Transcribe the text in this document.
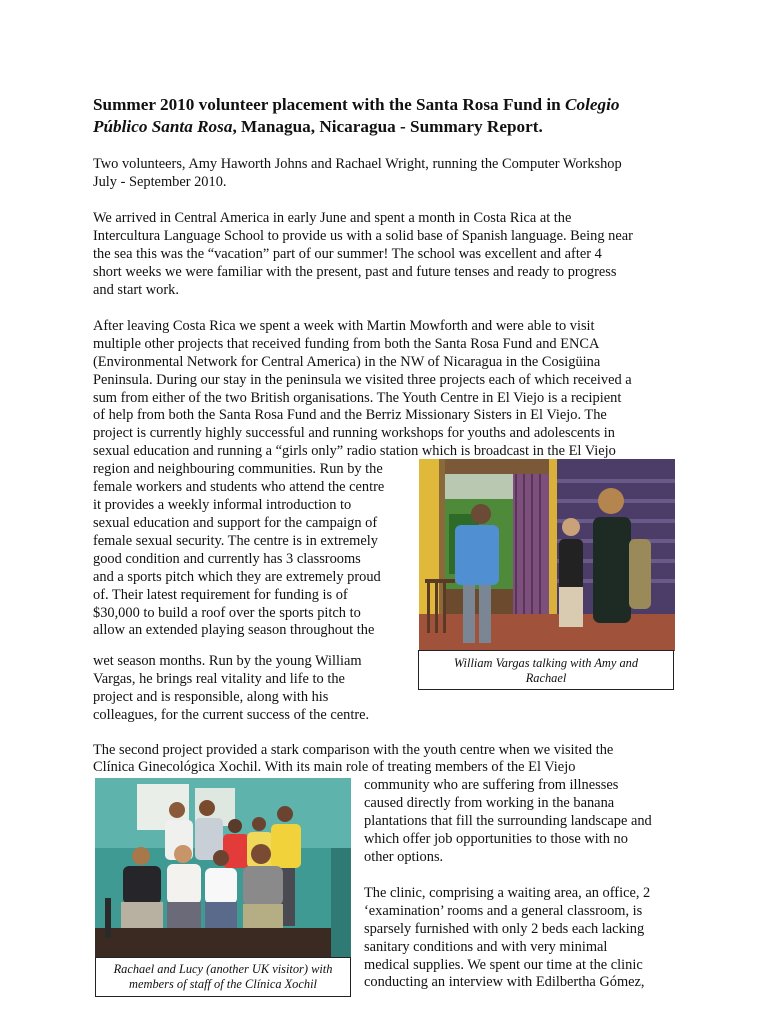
Summer 2010 volunteer placement with the Santa Rosa Fund in Colegio
Público Santa Rosa, Managua, Nicaragua - Summary Report.
Two volunteers, Amy Haworth Johns and Rachael Wright, running the Computer Workshop
July - September 2010.
We arrived in Central America in early June and spent a month in Costa Rica at the
Intercultura Language School to provide us with a solid base of Spanish language. Being near
the sea this was the “vacation” part of our summer! The school was excellent and after 4
short weeks we were familiar with the present, past and future tenses and ready to progress
and start work.
After leaving Costa Rica we spent a week with Martin Mowforth and were able to visit
multiple other projects that received funding from both the Santa Rosa Fund and ENCA
(Environmental Network for Central America) in the NW of Nicaragua in the Cosigüina
Peninsula. During our stay in the peninsula we visited three projects each of which received a
sum from either of the two British organisations. The Youth Centre in El Viejo is a recipient
of help from both the Santa Rosa Fund and the Berriz Missionary Sisters in El Viejo. The
project is currently highly successful and running workshops for youths and adolescents in
sexual education and running a “girls only” radio station which is broadcast in the El Viejo
region and neighbouring communities. Run by the
female workers and students who attend the centre
it provides a weekly informal introduction to
sexual education and support for the campaign of
female sexual security. The centre is in extremely
good condition and currently has 3 classrooms
and a sports pitch which they are extremely proud
of. Their latest requirement for funding is of
$30,000 to build a roof over the sports pitch to
allow an extended playing season throughout the
wet season months. Run by the young William
Vargas, he brings real vitality and life to the
project and is responsible, along with his
colleagues, for the current success of the centre.
William Vargas talking with Amy and
Rachael
The second project provided a stark comparison with the youth centre when we visited the
Clínica Ginecológica Xochil. With its main role of treating members of the El Viejo
community who are suffering from illnesses
caused directly from working in the banana
plantations that fill the surrounding landscape and
which offer job opportunities to those with no
other options.
The clinic, comprising a waiting area, an office, 2
‘examination’ rooms and a general classroom, is
sparsely furnished with only 2 beds each lacking
sanitary conditions and with very minimal
medical supplies. We spent our time at the clinic
conducting an interview with Edilbertha Gómez,
Rachael and Lucy (another UK visitor) with
members of staff of the Clínica Xochil
